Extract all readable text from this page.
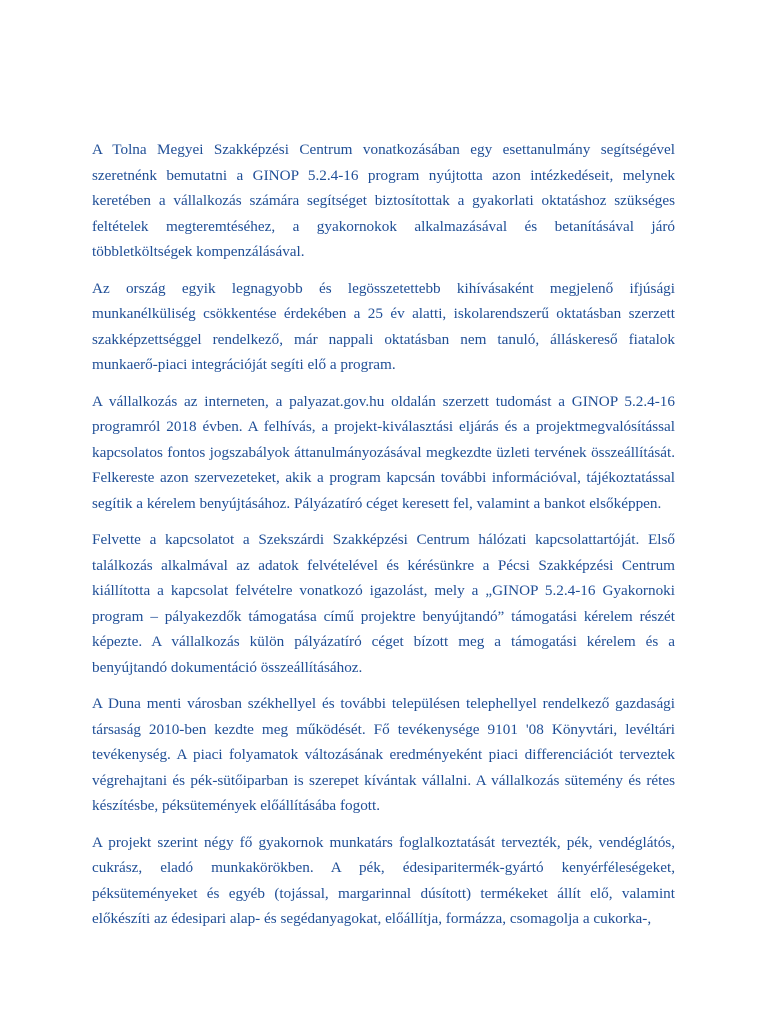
A Tolna Megyei Szakképzési Centrum vonatkozásában egy esettanulmány segítségével szeretnénk bemutatni a GINOP 5.2.4-16 program nyújtotta azon intézkedéseit, melynek keretében a vállalkozás számára segítséget biztosítottak a gyakorlati oktatáshoz szükséges feltételek megteremtéséhez, a gyakornokok alkalmazásával és betanításával járó többletköltségek kompenzálásával.

Az ország egyik legnagyobb és legösszetettebb kihívásaként megjelenő ifjúsági munkanélküliség csökkentése érdekében a 25 év alatti, iskolarendszerű oktatásban szerzett szakképzettséggel rendelkező, már nappali oktatásban nem tanuló, álláskereső fiatalok munkaerő-piaci integrációját segíti elő a program.

A vállalkozás az interneten, a palyazat.gov.hu oldalán szerzett tudomást a GINOP 5.2.4-16 programról 2018 évben. A felhívás, a projekt-kiválasztási eljárás és a projektmegvalósítással kapcsolatos fontos jogszabályok áttanulmányozásával megkezdte üzleti tervének összeállítását. Felkereste azon szervezeteket, akik a program kapcsán további információval, tájékoztatással segítik a kérelem benyújtásához. Pályázatíró céget keresett fel, valamint a bankot elsőképpen.

Felvette a kapcsolatot a Szekszárdi Szakképzési Centrum hálózati kapcsolattartóját. Első találkozás alkalmával az adatok felvételével és kérésünkre a Pécsi Szakképzési Centrum kiállította a kapcsolat felvételre vonatkozó igazolást, mely a „GINOP 5.2.4-16 Gyakornoki program – pályakezdők támogatása című projektre benyújtandó” támogatási kérelem részét képezte. A vállalkozás külön pályázatíró céget bízott meg a támogatási kérelem és a benyújtandó dokumentáció összeállításához.

A Duna menti városban székhellyel és további településen telephellyel rendelkező gazdasági társaság 2010-ben kezdte meg működését. Fő tevékenysége 9101 '08 Könyvtári, levéltári tevékenység. A piaci folyamatok változásának eredményeként piaci differenciációt terveztek végrehajtani és pék-sütőiparban is szerepet kívántak vállalni. A vállalkozás sütemény és rétes készítésbe, péksütemények előállításába fogott.

A projekt szerint négy fő gyakornok munkatárs foglalkoztatását tervezték, pék, vendéglátós, cukrász, eladó munkakörökben. A pék, édesiparitermék-gyártó kenyérféleségeket, péksüteményeket és egyéb (tojással, margarinnal dúsított) termékeket állít elő, valamint előkészíti az édesipari alap- és segédanyagokat, előállítja, formázza, csomagolja a cukorka-,
